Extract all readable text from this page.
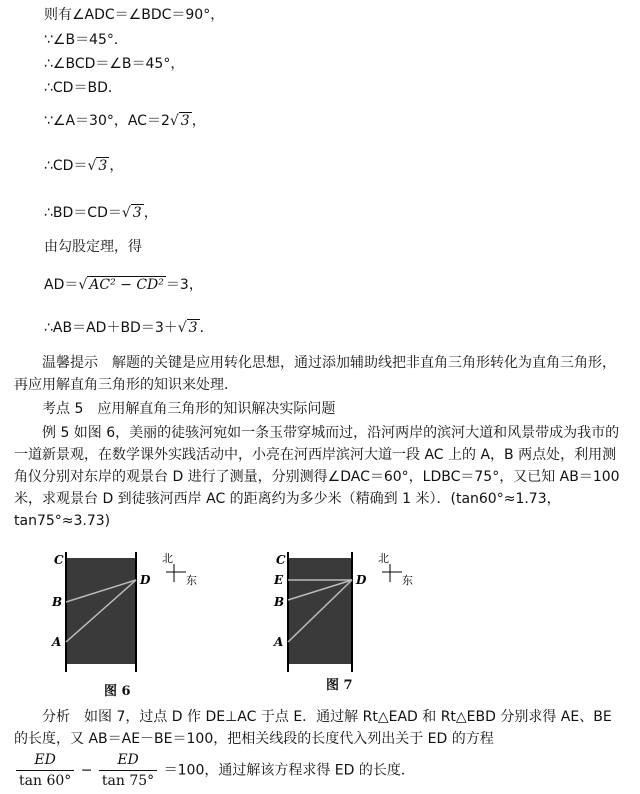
则有∠ADC＝∠BDC＝90°，
∵∠B＝45°．
∴∠BCD＝∠B＝45°，
∴CD＝BD．
∵∠A＝30°，AC＝2√ 3 ，
∴CD＝√ 3 ，
∴BD＝CD＝√ 3 ，
由勾股定理，得
AD＝√ AC² − CD² ＝3，
∴AB＝AD＋BD＝3＋√ 3 ．
温馨提示　解题的关键是应用转化思想，通过添加辅助线把非直角三角形转化为直角三角形，再应用解直角三角形的知识来处理．
考点 5　应用解直角三角形的知识解决实际问题
例 5 如图 6，美丽的徒骇河宛如一条玉带穿城而过，沿河两岸的滨河大道和风景带成为我市的一道新景观，在数学课外实践活动中，小亮在河西岸滨河大道一段 AC 上的 A，B 两点处，利用测角仪分别对东岸的观景台 D 进行了测量，分别测得∠DAC＝60°，LDBC＝75°，又已知 AB＝100 米，求观景台 D 到徒骇河西岸 AC 的距离约为多少米（精确到 1 米）．(tan60°≈1.73，tan75°≈3.73)
C
B
A
D
北
东
图 6
C
E
B
A
D
北
东
图 7
分析　如图 7，过点 D 作 DE⊥AC 于点 E．通过解 Rt△EAD 和 Rt△EBD 分别求得 AE、BE 的长度，又 AB＝AE－BE＝100，把相关线段的长度代入列出关于 ED 的方程
$\frac{ED}{\tan 60^\circ} - \frac{ED}{\tan 75^\circ} =100$，通过解该方程求得 ED 的长度．
